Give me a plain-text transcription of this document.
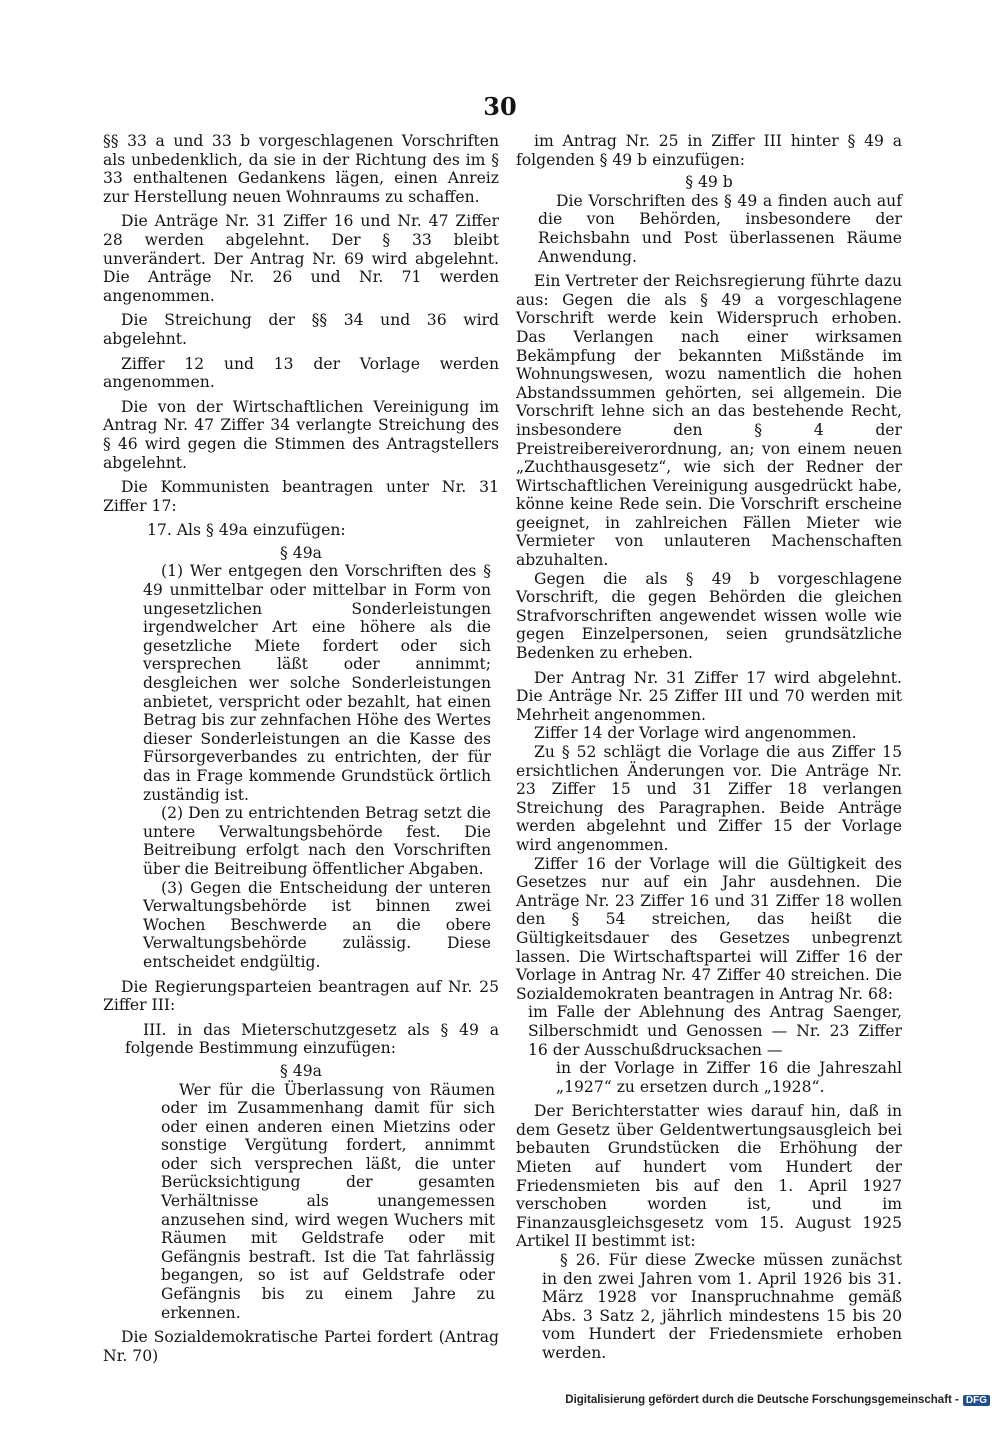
30

§§ 33 a und 33 b vorgeschlagenen Vorschriften als unbedenklich, da sie in der Richtung des im § 33 enthaltenen Gedankens lägen, einen Anreiz zur Herstellung neuen Wohnraums zu schaffen.

Die Anträge Nr. 31 Ziffer 16 und Nr. 47 Ziffer 28 werden abgelehnt. Der § 33 bleibt unverändert. Der Antrag Nr. 69 wird abgelehnt. Die Anträge Nr. 26 und Nr. 71 werden angenommen.

Die Streichung der §§ 34 und 36 wird abgelehnt.

Ziffer 12 und 13 der Vorlage werden angenommen.

Die von der Wirtschaftlichen Vereinigung im Antrag Nr. 47 Ziffer 34 verlangte Streichung des § 46 wird gegen die Stimmen des Antragstellers abgelehnt.

Die Kommunisten beantragen unter Nr. 31 Ziffer 17:

17. Als § 49a einzufügen:

§ 49a

(1) Wer entgegen den Vorschriften des § 49 unmittelbar oder mittelbar in Form von ungesetzlichen Sonderleistungen irgendwelcher Art eine höhere als die gesetzliche Miete fordert oder sich versprechen läßt oder annimmt; desgleichen wer solche Sonderleistungen anbietet, verspricht oder bezahlt, hat einen Betrag bis zur zehnfachen Höhe des Wertes dieser Sonderleistungen an die Kasse des Fürsorgeverbandes zu entrichten, der für das in Frage kommende Grundstück örtlich zuständig ist.

(2) Den zu entrichtenden Betrag setzt die untere Verwaltungsbehörde fest. Die Beitreibung erfolgt nach den Vorschriften über die Beitreibung öffentlicher Abgaben.

(3) Gegen die Entscheidung der unteren Verwaltungsbehörde ist binnen zwei Wochen Beschwerde an die obere Verwaltungsbehörde zulässig. Diese entscheidet endgültig.

Die Regierungsparteien beantragen auf Nr. 25 Ziffer III:

III. in das Mieterschutzgesetz als § 49 a folgende Bestimmung einzufügen:

§ 49a

Wer für die Überlassung von Räumen oder im Zusammenhang damit für sich oder einen anderen einen Mietzins oder sonstige Vergütung fordert, annimmt oder sich versprechen läßt, die unter Berücksichtigung der gesamten Verhältnisse als unangemessen anzusehen sind, wird wegen Wuchers mit Räumen mit Geldstrafe oder mit Gefängnis bestraft. Ist die Tat fahrlässig begangen, so ist auf Geldstrafe oder Gefängnis bis zu einem Jahre zu erkennen.

Die Sozialdemokratische Partei fordert (Antrag Nr. 70)

im Antrag Nr. 25 in Ziffer III hinter § 49 a folgenden § 49 b einzufügen:

§ 49 b

Die Vorschriften des § 49 a finden auch auf die von Behörden, insbesondere der Reichsbahn und Post überlassenen Räume Anwendung.

Ein Vertreter der Reichsregierung führte dazu aus: Gegen die als § 49 a vorgeschlagene Vorschrift werde kein Widerspruch erhoben. Das Verlangen nach einer wirksamen Bekämpfung der bekannten Mißstände im Wohnungswesen, wozu namentlich die hohen Abstandssummen gehörten, sei allgemein. Die Vorschrift lehne sich an das bestehende Recht, insbesondere den § 4 der Preistreibereiverordnung, an; von einem neuen „Zuchthausgesetz“, wie sich der Redner der Wirtschaftlichen Vereinigung ausgedrückt habe, könne keine Rede sein. Die Vorschrift erscheine geeignet, in zahlreichen Fällen Mieter wie Vermieter von unlauteren Machenschaften abzuhalten.

Gegen die als § 49 b vorgeschlagene Vorschrift, die gegen Behörden die gleichen Strafvorschriften angewendet wissen wolle wie gegen Einzelpersonen, seien grundsätzliche Bedenken zu erheben.

Der Antrag Nr. 31 Ziffer 17 wird abgelehnt. Die Anträge Nr. 25 Ziffer III und 70 werden mit Mehrheit angenommen.

Ziffer 14 der Vorlage wird angenommen.

Zu § 52 schlägt die Vorlage die aus Ziffer 15 ersichtlichen Änderungen vor. Die Anträge Nr. 23 Ziffer 15 und 31 Ziffer 18 verlangen Streichung des Paragraphen. Beide Anträge werden abgelehnt und Ziffer 15 der Vorlage wird angenommen.

Ziffer 16 der Vorlage will die Gültigkeit des Gesetzes nur auf ein Jahr ausdehnen. Die Anträge Nr. 23 Ziffer 16 und 31 Ziffer 18 wollen den § 54 streichen, das heißt die Gültigkeitsdauer des Gesetzes unbegrenzt lassen. Die Wirtschaftspartei will Ziffer 16 der Vorlage in Antrag Nr. 47 Ziffer 40 streichen. Die Sozialdemokraten beantragen in Antrag Nr. 68:

im Falle der Ablehnung des Antrag Saenger, Silberschmidt und Genossen — Nr. 23 Ziffer 16 der Ausschußdrucksachen —

in der Vorlage in Ziffer 16 die Jahreszahl „1927“ zu ersetzen durch „1928“.

Der Berichterstatter wies darauf hin, daß in dem Gesetz über Geldentwertungsausgleich bei bebauten Grundstücken die Erhöhung der Mieten auf hundert vom Hundert der Friedensmieten bis auf den 1. April 1927 verschoben worden ist, und im Finanzausgleichsgesetz vom 15. August 1925 Artikel II bestimmt ist:

§ 26. Für diese Zwecke müssen zunächst in den zwei Jahren vom 1. April 1926 bis 31. März 1928 vor Inanspruchnahme gemäß Abs. 3 Satz 2, jährlich mindestens 15 bis 20 vom Hundert der Friedensmiete erhoben werden.

Digitalisierung gefördert durch die Deutsche Forschungsgemeinschaft - DFG
